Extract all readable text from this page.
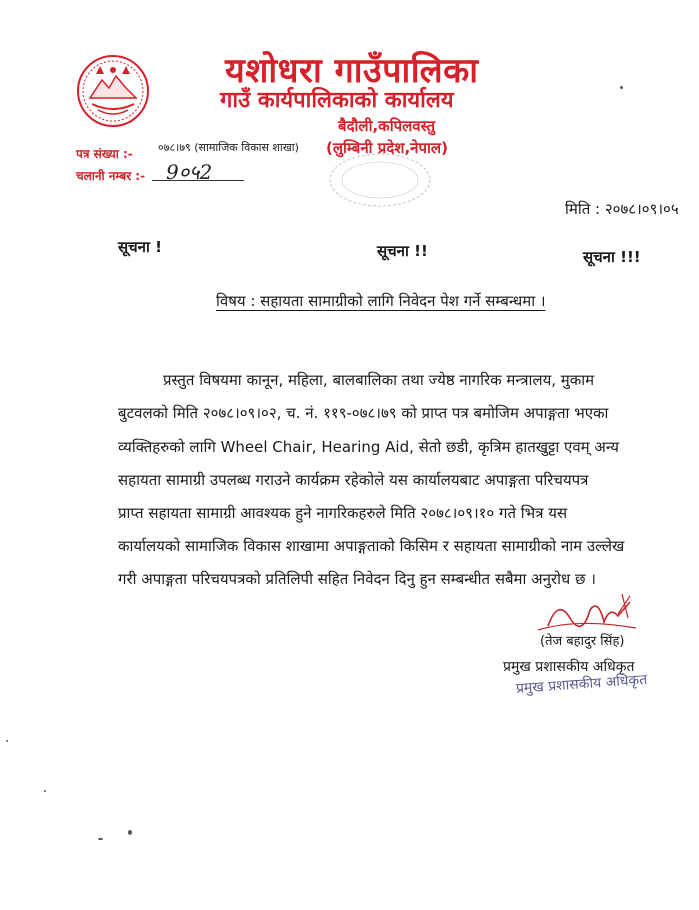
यशोधरा गाउँपालिका
गाउँ कार्यपालिकाको कार्यालय
बैदौली,कपिलवस्तु
(लुम्बिनी प्रदेश,नेपाल)
पत्र संख्या :- ०७८।७९ (सामाजिक विकास शाखा)
चलानी नम्बर :- 9०५2
मिति : २०७८।०९।०५
सूचना !	सूचना !!	सूचना !!!
विषय : सहायता सामाग्रीको लागि निवेदन पेश गर्ने सम्बन्धमा ।
प्रस्तुत विषयमा कानून, महिला, बालबालिका तथा ज्येष्ठ नागरिक मन्त्रालय, मुकाम
बुटवलको मिति २०७८।०९।०२, च. नं. ११९-०७८।७९ को प्राप्त पत्र बमोजिम अपाङ्गता भएका
व्यक्तिहरुको लागि Wheel Chair, Hearing Aid, सेतो छडी, कृत्रिम हातखुट्टा एवम् अन्य
सहायता सामाग्री उपलब्ध गराउने कार्यक्रम रहेकोले यस कार्यालयबाट अपाङ्गता परिचयपत्र
प्राप्त सहायता सामाग्री आवश्यक हुने नागरिकहरुले मिति २०७८।०९।१० गते भित्र यस
कार्यालयको सामाजिक विकास शाखामा अपाङ्गताको किसिम र सहायता सामाग्रीको नाम उल्लेख
गरी अपाङ्गता परिचयपत्रको प्रतिलिपी सहित निवेदन दिनु हुन सम्बन्धीत सबैमा अनुरोध छ ।
(तेज बहादुर सिंह)
प्रमुख प्रशासकीय अधिकृत
प्रमुख प्रशासकीय अधिकृत
